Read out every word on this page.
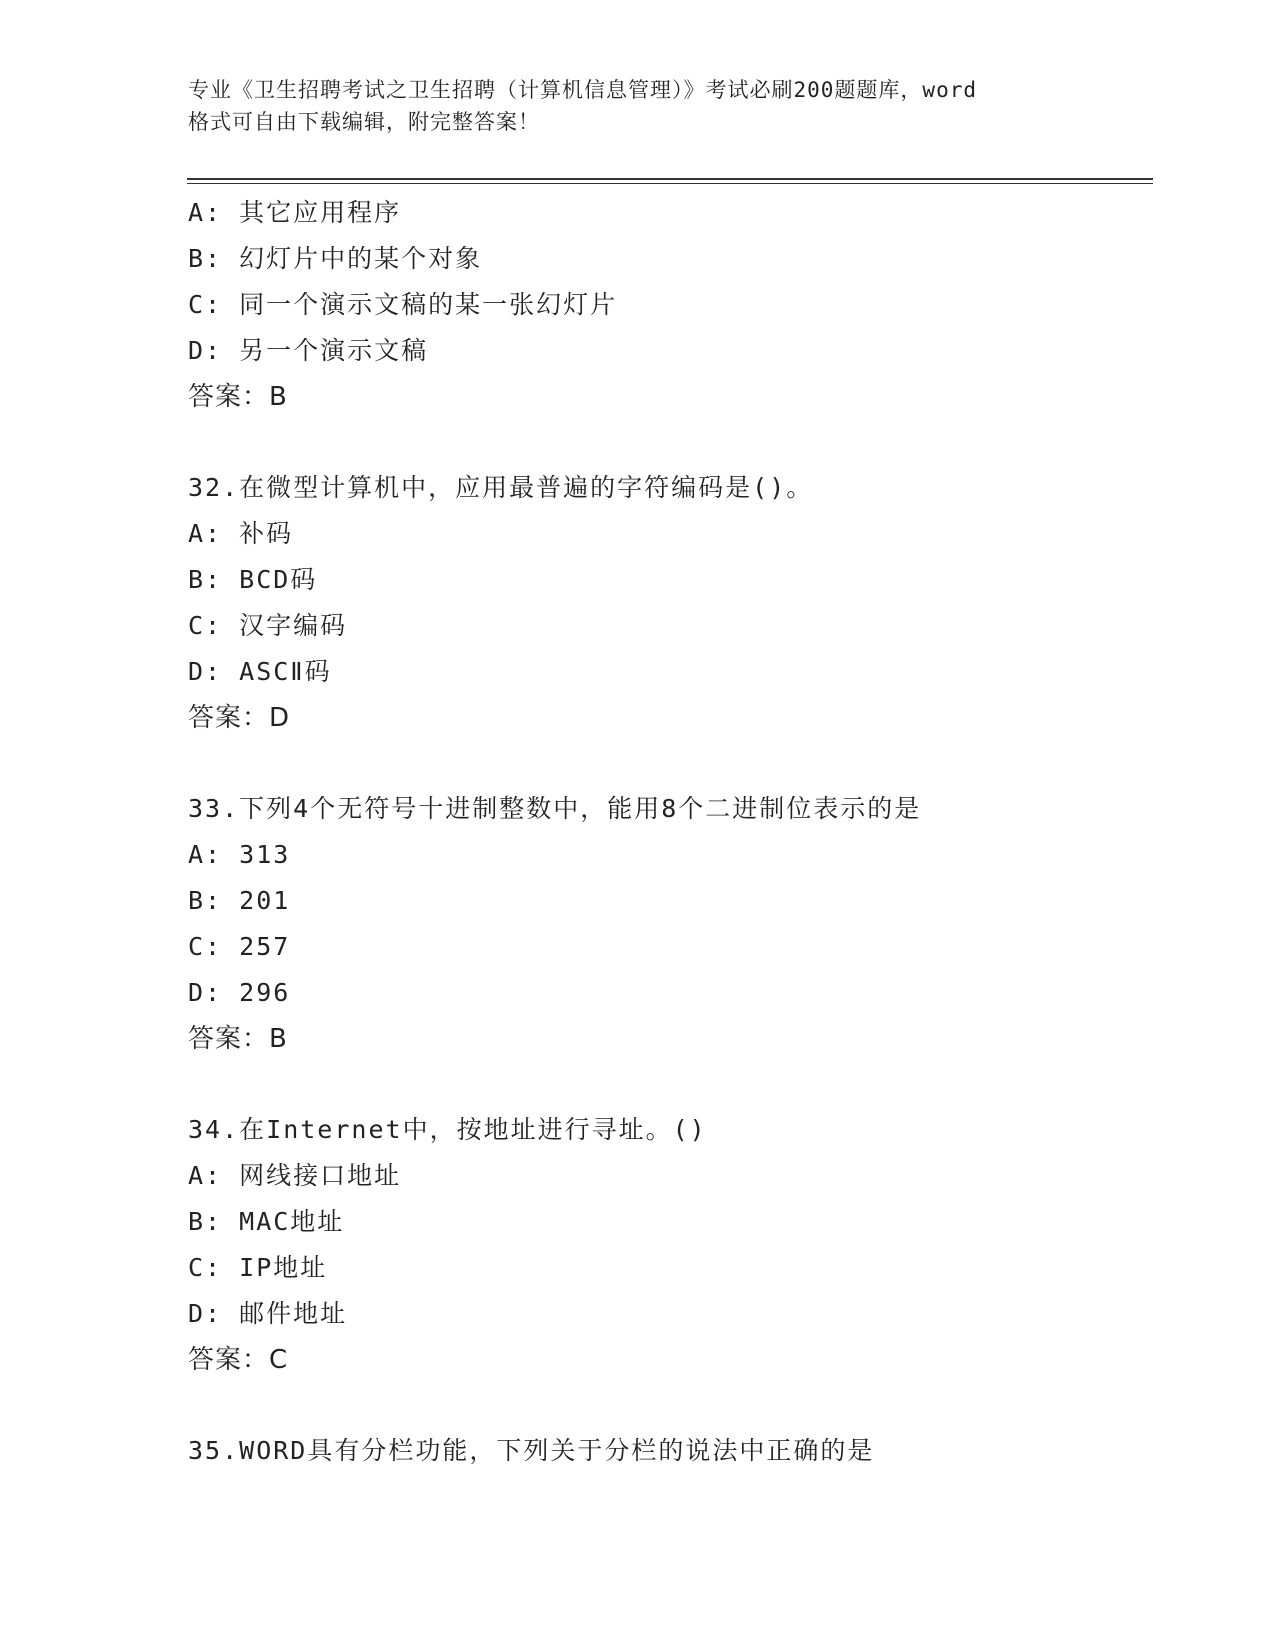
专业《卫生招聘考试之卫生招聘（计算机信息管理）》考试必刷200题题库，word
格式可自由下载编辑，附完整答案！
A: 其它应用程序
B: 幻灯片中的某个对象
C: 同一个演示文稿的某一张幻灯片
D: 另一个演示文稿
答案：B
32.在微型计算机中，应用最普遍的字符编码是()。
A: 补码
B: BCD码
C: 汉字编码
D: ASCⅡ码
答案：D
33.下列4个无符号十进制整数中，能用8个二进制位表示的是
A: 313
B: 201
C: 257
D: 296
答案：B
34.在Internet中，按地址进行寻址。()
A: 网线接口地址
B: MAC地址
C: IP地址
D: 邮件地址
答案：C
35.WORD具有分栏功能，下列关于分栏的说法中正确的是
